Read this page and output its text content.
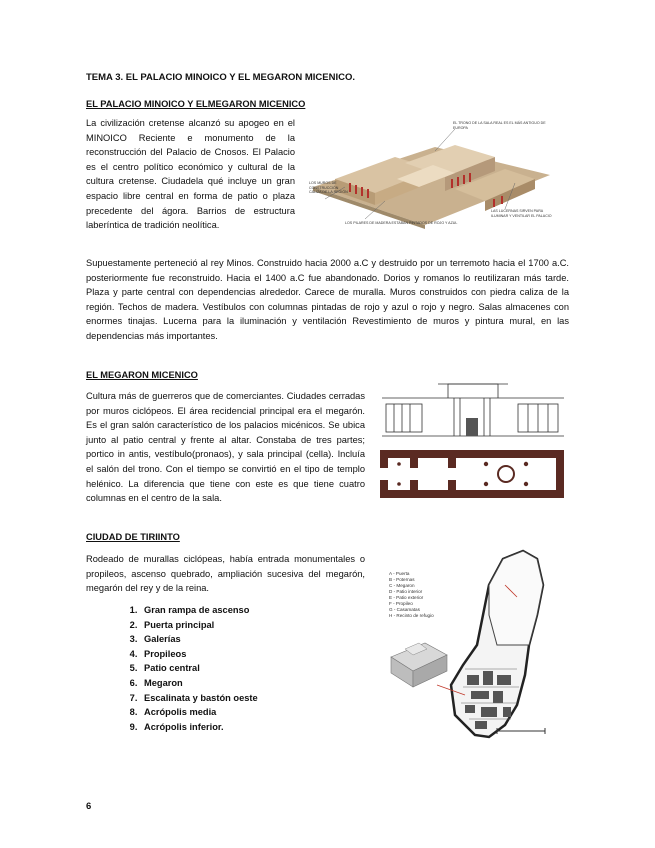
TEMA 3. EL PALACIO MINOICO Y EL MEGARON MICENICO.
EL PALACIO MINOICO Y ELMEGARON MICENICO
La civilización cretense alcanzó su apogeo en el MINOICO Reciente e monumento de la reconstrucción del Palacio de Cnosos. El Palacio es el centro político económico y cultural de la cultura cretense. Ciudadela qué incluye un gran espacio libre central en forma de patio o plaza precedente del ágora. Barrios de estructura laberíntica de tradición neolítica.
EL TRONO DE LA SALA REAL ES EL MÁS ANTIGUO DE EUROPA
LOS MUROS DE CONSTRUCCIÓN CALIZA DE LA REGIÓN
LAS LUCERNAS SIRVEN PARA ILUMINAR Y VENTILAR EL PALACIO
LOS PILARES DE MADERA ESTABAN PINTADOS DE ROJO Y AZUL
Supuestamente perteneció al rey Minos. Construido hacia 2000 a.C y destruido por un terremoto hacia el 1700 a.C. posteriormente fue reconstruido. Hacia el 1400 a.C fue abandonado. Dorios y romanos lo reutilizaran más tarde. Plaza y parte central con dependencias alrededor. Carece de muralla. Muros construidos con piedra caliza de la región. Techos de madera. Vestíbulos con columnas pintadas de rojo y azul o rojo y negro. Salas almacenes con enormes tinajas. Lucerna para la iluminación y ventilación Revestimiento de muros y pintura mural, en las dependencias más importantes.
EL MEGARON MICENICO
Cultura más de guerreros que de comerciantes. Ciudades cerradas por muros ciclópeos. El área recidencial principal era el megarón. Es el gran salón característico de los palacios micénicos. Se ubica junto al patio central y frente al altar. Constaba de tres partes; portico in antis, vestíbulo(pronaos), y sala principal (cella). Incluía el salón del trono. Con el tiempo se convirtió en el tipo de templo helénico. La diferencia que tiene con este es que tiene cuatro columnas en el centro de la sala.
CIUDAD DE TIRIINTO
Rodeado de murallas ciclópeas, había entrada monumentales o propileos, ascenso quebrado, ampliación sucesiva del megarón, megarón del rey y de la reina.
1. Gran rampa de ascenso
2. Puerta principal
3. Galerías
4. Propileos
5. Patio central
6. Megaron
7. Escalinata y bastón oeste
8. Acrópolis media
9. Acrópolis inferior.
A - Puerta
B - Poternas
C - Megaron
D - Patio interior
E - Patio exterior
F - Propileo
G - Casamatas
H - Recinto de refugio
6
